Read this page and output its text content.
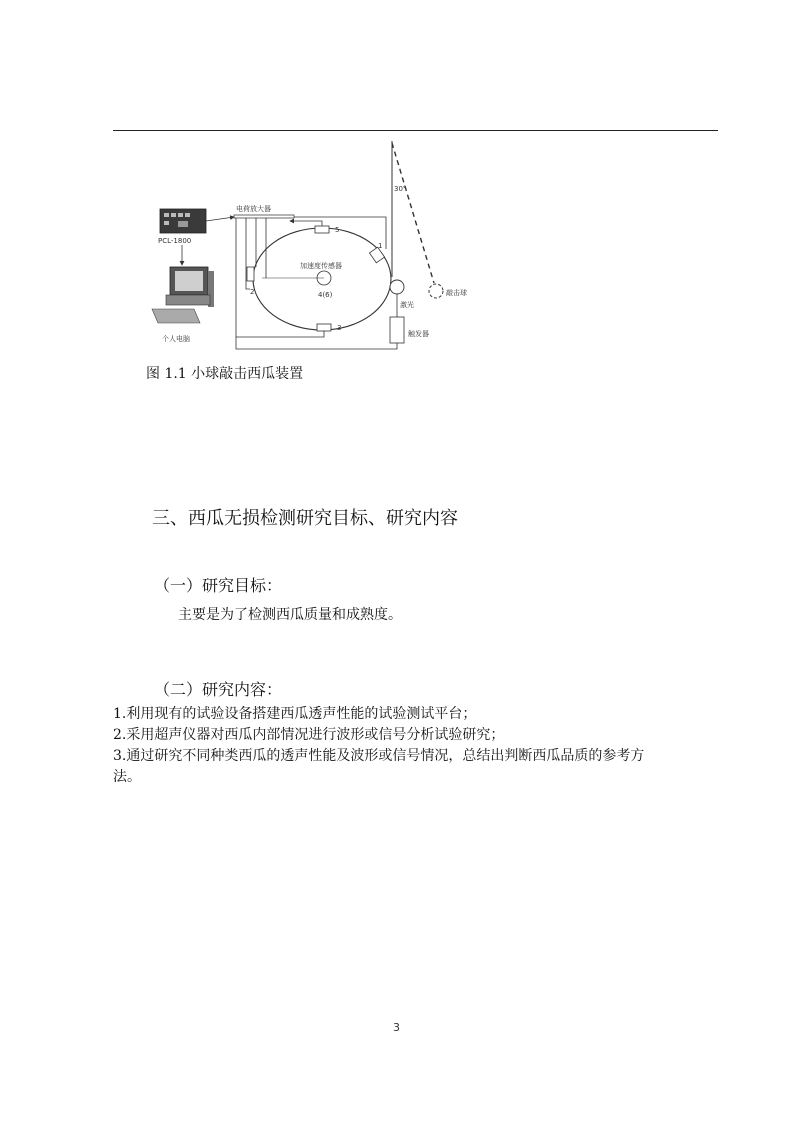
电荷放大器
PCL-1800
个人电脑
加速度传感器
4(6)
5
3
2
1
30°
敲击球
激光
触发器
图 1.1 小球敲击西瓜装置
三、西瓜无损检测研究目标、研究内容
（一）研究目标：
主要是为了检测西瓜质量和成熟度。
（二）研究内容：

1.利用现有的试验设备搭建西瓜透声性能的试验测试平台；

2.采用超声仪器对西瓜内部情况进行波形或信号分析试验研究；

3.通过研究不同种类西瓜的透声性能及波形或信号情况，总结出判断西瓜品质的参考方

法。

3
